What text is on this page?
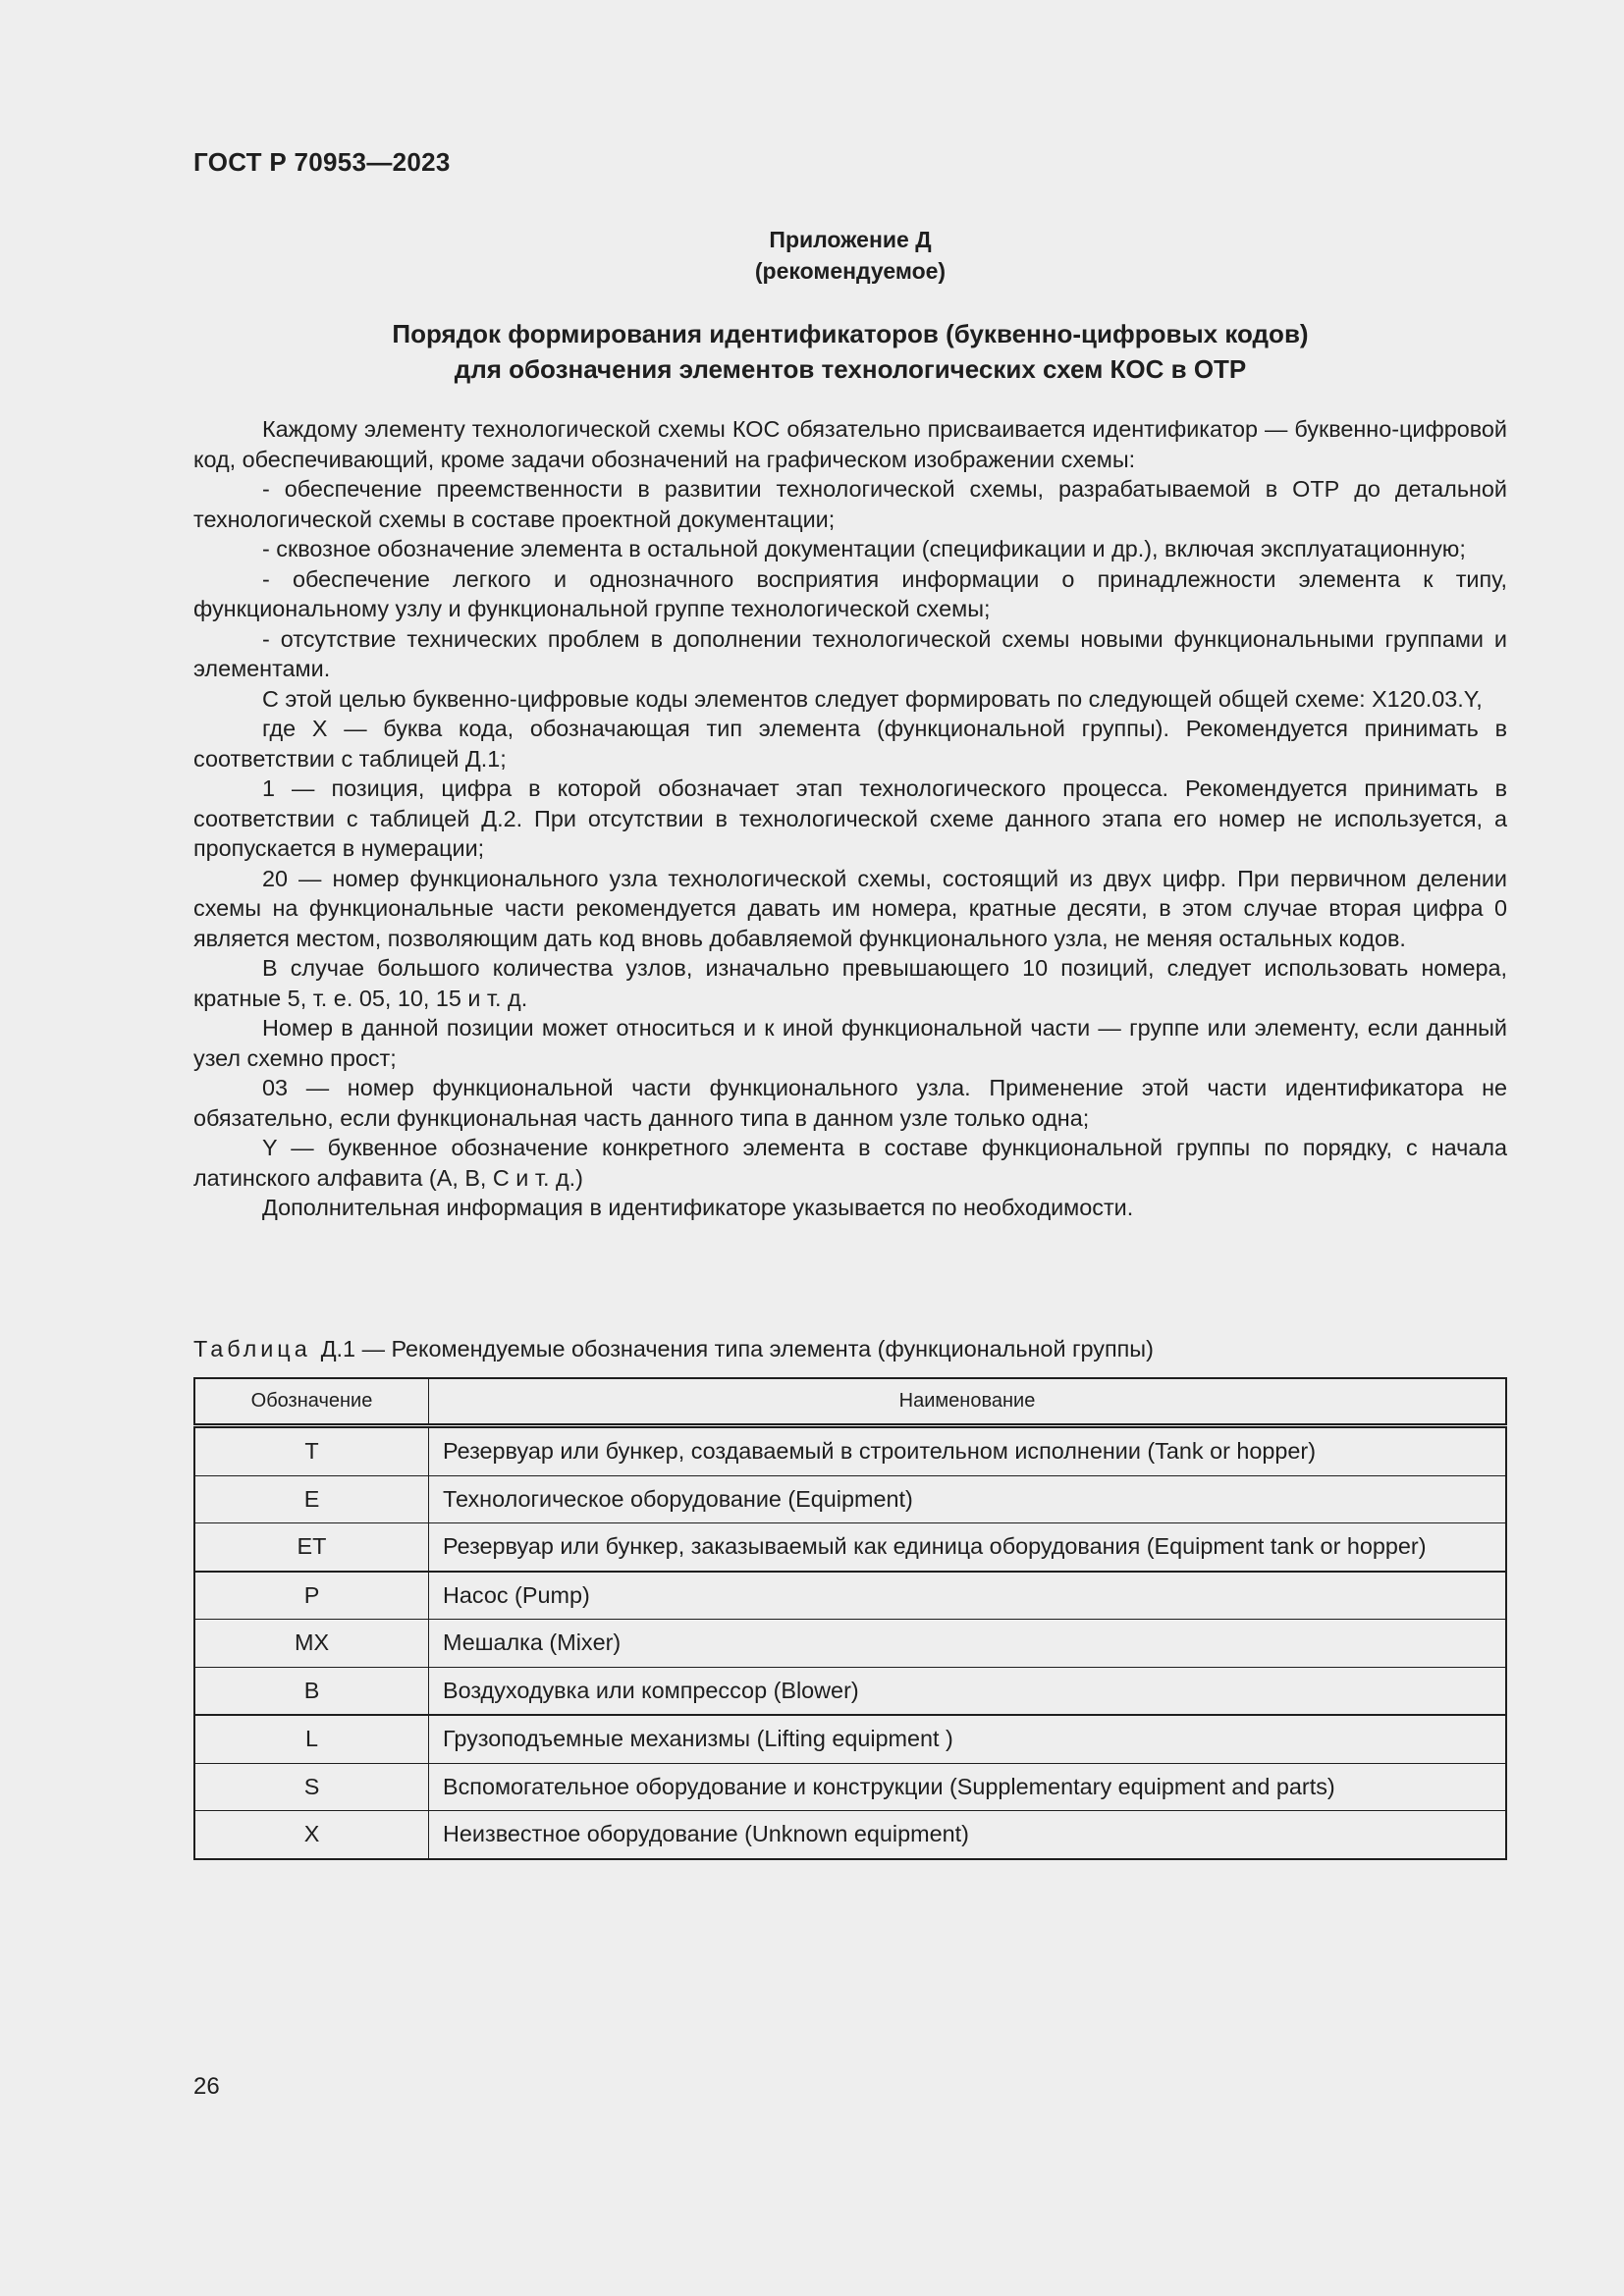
ГОСТ Р 70953—2023
Приложение Д
(рекомендуемое)
Порядок формирования идентификаторов (буквенно-цифровых кодов)
для обозначения элементов технологических схем КОС в ОТР

Каждому элементу технологической схемы КОС обязательно присваивается идентификатор — буквенно-цифровой код, обеспечивающий, кроме задачи обозначений на графическом изображении схемы:

- обеспечение преемственности в развитии технологической схемы, разрабатываемой в ОТР до детальной технологической схемы в составе проектной документации;

- сквозное обозначение элемента в остальной документации (спецификации и др.), включая эксплуатационную;

- обеспечение легкого и однозначного восприятия информации о принадлежности элемента к типу, функциональному узлу и функциональной группе технологической схемы;

- отсутствие технических проблем в дополнении технологической схемы новыми функциональными группами и элементами.

С этой целью буквенно-цифровые коды элементов следует формировать по следующей общей схеме: X120.03.Y,

где X — буква кода, обозначающая тип элемента (функциональной группы). Рекомендуется принимать в соответствии с таблицей Д.1;

1 — позиция, цифра в которой обозначает этап технологического процесса. Рекомендуется принимать в соответствии с таблицей Д.2. При отсутствии в технологической схеме данного этапа его номер не используется, а пропускается в нумерации;

20 — номер функционального узла технологической схемы, состоящий из двух цифр. При первичном делении схемы на функциональные части рекомендуется давать им номера, кратные десяти, в этом случае вторая цифра 0 является местом, позволяющим дать код вновь добавляемой функционального узла, не меняя остальных кодов.

В случае большого количества узлов, изначально превышающего 10 позиций, следует использовать номера, кратные 5, т. е. 05, 10, 15 и т. д.

Номер в данной позиции может относиться и к иной функциональной части — группе или элементу, если данный узел схемно прост;

03 — номер функциональной части функционального узла. Применение этой части идентификатора не обязательно, если функциональная часть данного типа в данном узле только одна;

Y — буквенное обозначение конкретного элемента в составе функциональной группы по порядку, с начала латинского алфавита (A, B, C и т. д.)

Дополнительная информация в идентификаторе указывается по необходимости.

Таблица Д.1 — Рекомендуемые обозначения типа элемента (функциональной группы)
Обозначение	Наименование
T	Резервуар или бункер, создаваемый в строительном исполнении (Tank or hopper)
E	Технологическое оборудование (Equipment)
ET	Резервуар или бункер, заказываемый как единица оборудования (Equipment tank or hopper)
P	Насос (Pump)
MX	Мешалка (Mixer)
B	Воздуходувка или компрессор (Blower)
L	Грузоподъемные механизмы (Lifting equipment )
S	Вспомогательное оборудование и конструкции (Supplementary equipment and parts)
X	Неизвестное оборудование (Unknown equipment)
26
